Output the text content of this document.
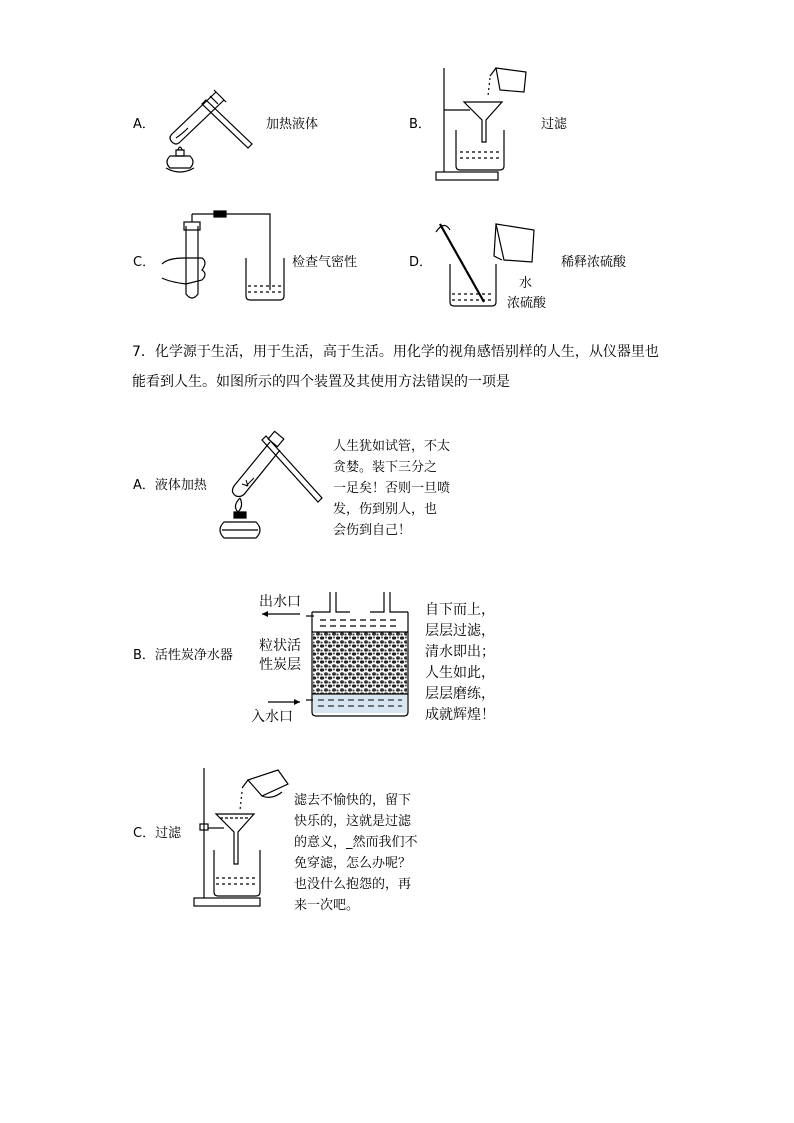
A．	加热液体	B．	过滤
C．	检查气密性	D．	稀释浓硫酸
水
浓硫酸
7．化学源于生活，用于生活，高于生活。用化学的视角感悟别样的人生，从仪器里也
能看到人生。如图所示的四个装置及其使用方法错误的一项是
A．液体加热
人生犹如试管，不太
贪婪。装下三分之
一足矣！否则一旦喷
发，伤到别人，也
会伤到自己！
B．活性炭净水器
出水口
粒状活
性炭层
入水口
自下而上，
层层过滤，
清水即出；
人生如此，
层层磨练，
成就辉煌！
C．过滤
滤去不愉快的，留下
快乐的，这就是过滤
的意义，_然而我们不
免穿滤，怎么办呢？
也没什么抱怨的，再
来一次吧。
